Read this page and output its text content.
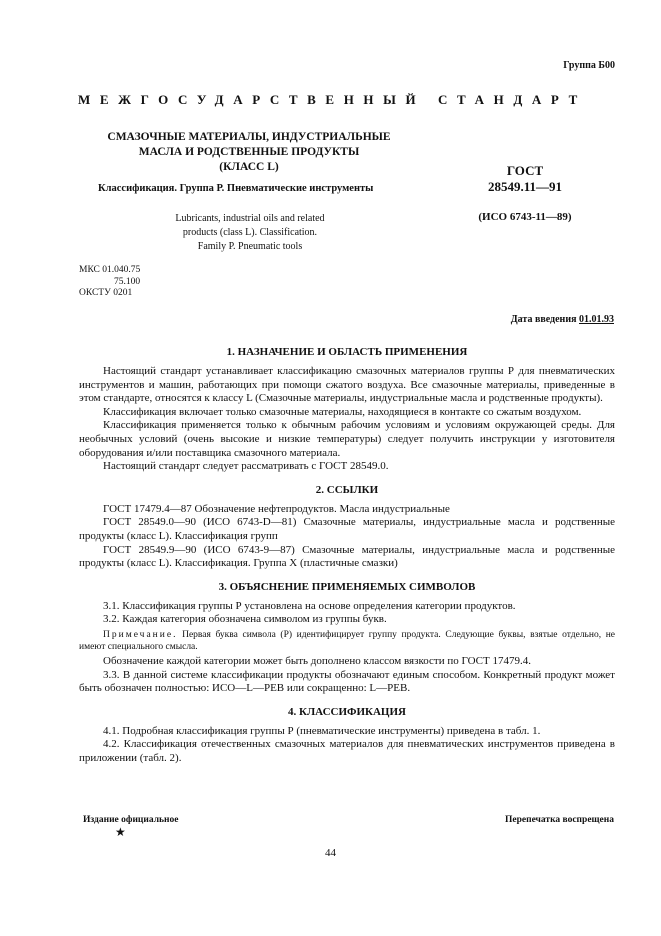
Группа Б00
МЕЖГОСУДАРСТВЕННЫЙ СТАНДАРТ
СМАЗОЧНЫЕ МАТЕРИАЛЫ, ИНДУСТРИАЛЬНЫЕ
МАСЛА И РОДСТВЕННЫЕ ПРОДУКТЫ
(КЛАСС L)
Классификация. Группа Р. Пневматические инструменты
ГОСТ
28549.11—91
(ИСО 6743-11—89)
Lubricants, industrial oils and related
products (class L). Classification.
Family P. Pneumatic tools
МКС 01.040.75
75.100
ОКСТУ 0201
Дата введения 01.01.93
1. НАЗНАЧЕНИЕ И ОБЛАСТЬ ПРИМЕНЕНИЯ

Настоящий стандарт устанавливает классификацию смазочных материалов группы Р для пневматических инструментов и машин, работающих при помощи сжатого воздуха. Все смазочные материалы, приведенные в этом стандарте, относятся к классу L (Смазочные материалы, индустриальные масла и родственные продукты).

Классификация включает только смазочные материалы, находящиеся в контакте со сжатым воздухом.

Классификация применяется только к обычным рабочим условиям и условиям окружающей среды. Для необычных условий (очень высокие и низкие температуры) следует получить инструкции у изготовителя оборудования и/или поставщика смазочного материала.

Настоящий стандарт следует рассматривать с ГОСТ 28549.0.

2. ССЫЛКИ

ГОСТ 17479.4—87 Обозначение нефтепродуктов. Масла индустриальные

ГОСТ 28549.0—90 (ИСО 6743-D—81) Смазочные материалы, индустриальные масла и родственные продукты (класс L). Классификация групп

ГОСТ 28549.9—90 (ИСО 6743-9—87) Смазочные материалы, индустриальные масла и родственные продукты (класс L). Классификация. Группа Х (пластичные смазки)

3. ОБЪЯСНЕНИЕ ПРИМЕНЯЕМЫХ СИМВОЛОВ

3.1. Классификация группы Р установлена на основе определения категории продуктов.

3.2. Каждая категория обозначена символом из группы букв.

Примечание. Первая буква символа (Р) идентифицирует группу продукта. Следующие буквы, взятые отдельно, не имеют специального смысла.

Обозначение каждой категории может быть дополнено классом вязкости по ГОСТ 17479.4.

3.3. В данной системе классификации продукты обозначают единым способом. Конкретный продукт может быть обозначен полностью: ИСО—L—PEB или сокращенно: L—PEB.

4. КЛАССИФИКАЦИЯ

4.1. Подробная классификация группы Р (пневматические инструменты) приведена в табл. 1.

4.2. Классификация отечественных смазочных материалов для пневматических инструментов приведена в приложении (табл. 2).

Издание официальное
★
Перепечатка воспрещена
44
